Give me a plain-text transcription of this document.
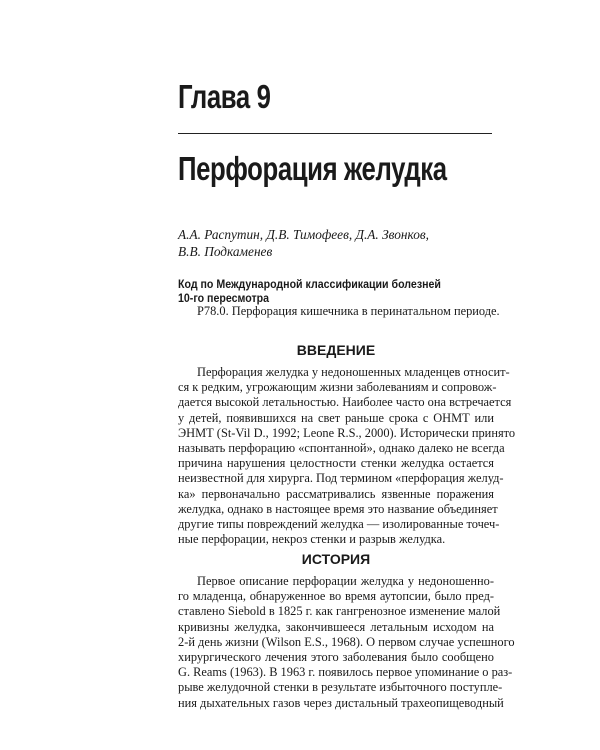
Глава 9
Перфорация желудка
А.А. Распутин, Д.В. Тимофеев, Д.А. Звонков,
В.В. Подкаменев
Код по Международной классификации болезней
10-го пересмотра
P78.0. Перфорация кишечника в перинатальном периоде.
ВВЕДЕНИЕ
Перфорация желудка у недоношенных младенцев относит-
ся к редким, угрожающим жизни заболеваниям и сопровож-
дается высокой летальностью. Наиболее часто она встречается
у детей, появившихся на свет раньше срока с ОНМТ или
ЭНМТ (St-Vil D., 1992; Leone R.S., 2000). Исторически принято
называть перфорацию «спонтанной», однако далеко не всегда
причина нарушения целостности стенки желудка остается
неизвестной для хирурга. Под термином «перфорация желуд-
ка» первоначально рассматривались язвенные поражения
желудка, однако в настоящее время это название объединяет
другие типы повреждений желудка — изолированные точеч-
ные перфорации, некроз стенки и разрыв желудка.
ИСТОРИЯ
Первое описание перфорации желудка у недоношенно-
го младенца, обнаруженное во время аутопсии, было пред-
ставлено Siebold в 1825 г. как гангренозное изменение малой
кривизны желудка, закончившееся летальным исходом на
2-й день жизни (Wilson E.S., 1968). О первом случае успешного
хирургического лечения этого заболевания было сообщено
G. Reams (1963). В 1963 г. появилось первое упоминание о раз-
рыве желудочной стенки в результате избыточного поступле-
ния дыхательных газов через дистальный трахеопищеводный
